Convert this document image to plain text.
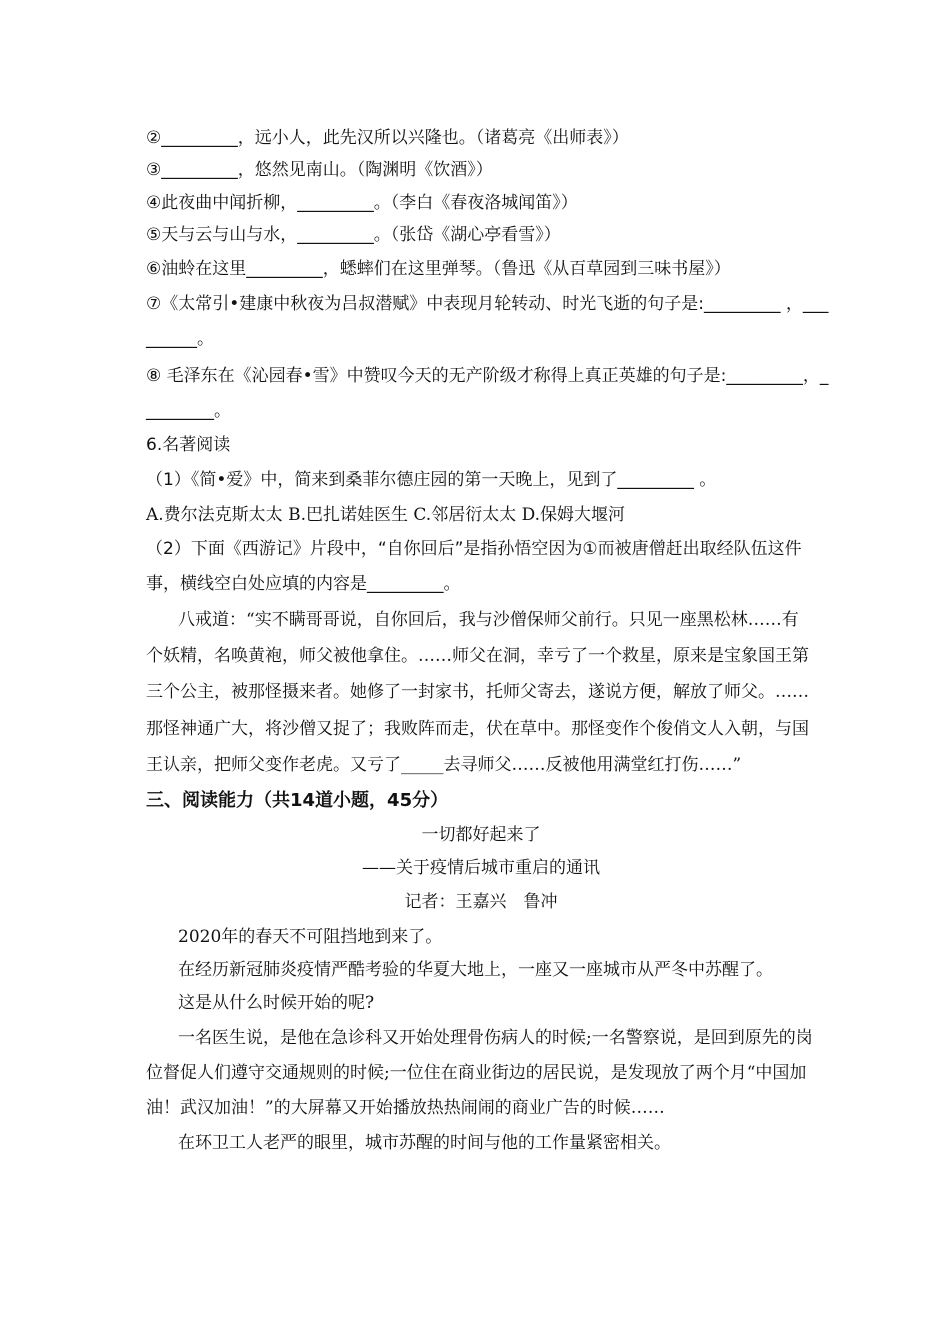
②_________，远小人，此先汉所以兴隆也。（诸葛亮《出师表》）
③_________，悠然见南山。（陶渊明《饮酒》）
④此夜曲中闻折柳，_________。（李白《春夜洛城闻笛》）
⑤天与云与山与水，_________。（张岱《湖心亭看雪》）
⑥油蛉在这里_________，蟋蟀们在这里弹琴。（鲁迅《从百草园到三味书屋》）
⑦《太常引•建康中秋夜为吕叔潜赋》中表现月轮转动、时光飞逝的句子是:_________ ，___
______。
⑧ 毛泽东在《沁园春•雪》中赞叹今天的无产阶级才称得上真正英雄的句子是:_________，_
________。
6.名著阅读
（1）《简•爱》中，简来到桑菲尔德庄园的第一天晚上，见到了_________ 。
A.费尔法克斯太太 B.巴扎诺娃医生 C.邻居衍太太 D.保姆大堰河
（2）下面《西游记》片段中，“自你回后”是指孙悟空因为①而被唐僧赶出取经队伍这件
事，横线空白处应填的内容是_________。
八戒道：“实不瞒哥哥说，自你回后，我与沙僧保师父前行。只见一座黑松林……有
个妖精，名唤黄袍，师父被他拿住。……师父在洞，幸亏了一个救星，原来是宝象国王第
三个公主，被那怪摄来者。她修了一封家书，托师父寄去，遂说方便，解放了师父。……
那怪神通广大，将沙僧又捉了；我败阵而走，伏在草中。那怪变作个俊俏文人入朝，与国
王认亲，把师父变作老虎。又亏了_____去寻师父……反被他用满堂红打伤……”
三、阅读能力（共14道小题，45分）
一切都好起来了
——关于疫情后城市重启的通讯
记者：王嘉兴　鲁冲
2020年的春天不可阻挡地到来了。
在经历新冠肺炎疫情严酷考验的华夏大地上，一座又一座城市从严冬中苏醒了。
这是从什么时候开始的呢?
一名医生说，是他在急诊科又开始处理骨伤病人的时候;一名警察说，是回到原先的岗
位督促人们遵守交通规则的时候;一位住在商业街边的居民说，是发现放了两个月“中国加
油！武汉加油！”的大屏幕又开始播放热热闹闹的商业广告的时候……
在环卫工人老严的眼里，城市苏醒的时间与他的工作量紧密相关。
